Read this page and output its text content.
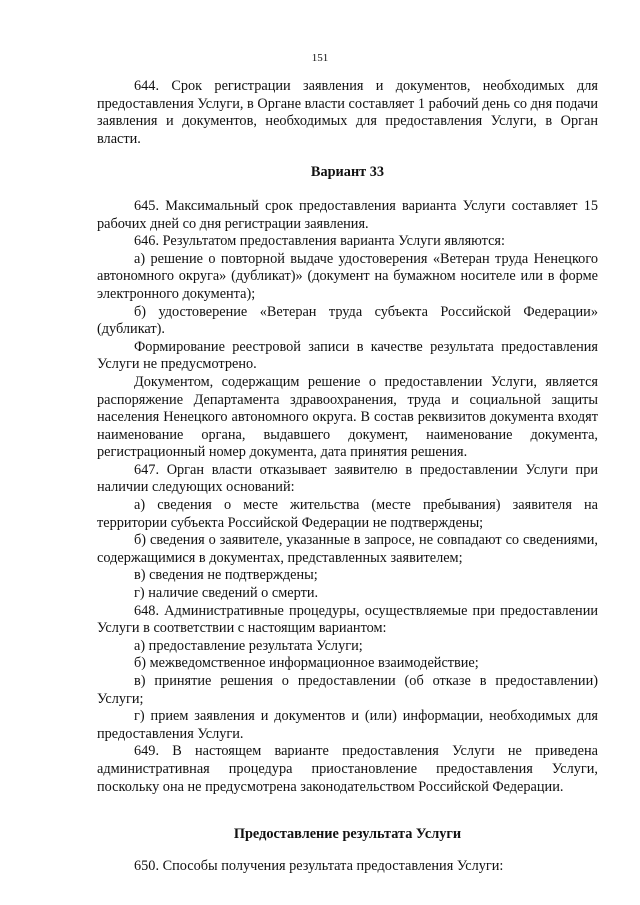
151

644. Срок регистрации заявления и документов, необходимых для предоставления Услуги, в Органе власти составляет 1 рабочий день со дня подачи заявления и документов, необходимых для предоставления Услуги, в Орган власти.

Вариант 33

645. Максимальный срок предоставления варианта Услуги составляет 15 рабочих дней со дня регистрации заявления.

646. Результатом предоставления варианта Услуги являются:

а) решение о повторной выдаче удостоверения «Ветеран труда Ненецкого автономного округа» (дубликат)» (документ на бумажном носителе или в форме электронного документа);

б) удостоверение «Ветеран труда субъекта Российской Федерации» (дубликат).

Формирование реестровой записи в качестве результата предоставления Услуги не предусмотрено.

Документом, содержащим решение о предоставлении Услуги, является распоряжение Департамента здравоохранения, труда и социальной защиты населения Ненецкого автономного округа. В состав реквизитов документа входят наименование органа, выдавшего документ, наименование документа, регистрационный номер документа, дата принятия решения.

647. Орган власти отказывает заявителю в предоставлении Услуги при наличии следующих оснований:

а) сведения о месте жительства (месте пребывания) заявителя на территории субъекта Российской Федерации не подтверждены;

б) сведения о заявителе, указанные в запросе, не совпадают со сведениями, содержащимися в документах, представленных заявителем;

в) сведения не подтверждены;

г) наличие сведений о смерти.

648. Административные процедуры, осуществляемые при предоставлении Услуги в соответствии с настоящим вариантом:

а) предоставление результата Услуги;

б) межведомственное информационное взаимодействие;

в) принятие решения о предоставлении (об отказе в предоставлении) Услуги;

г) прием заявления и документов и (или) информации, необходимых для предоставления Услуги.

649. В настоящем варианте предоставления Услуги не приведена административная процедура приостановление предоставления Услуги, поскольку она не предусмотрена законодательством Российской Федерации.

Предоставление результата Услуги

650. Способы получения результата предоставления Услуги:
